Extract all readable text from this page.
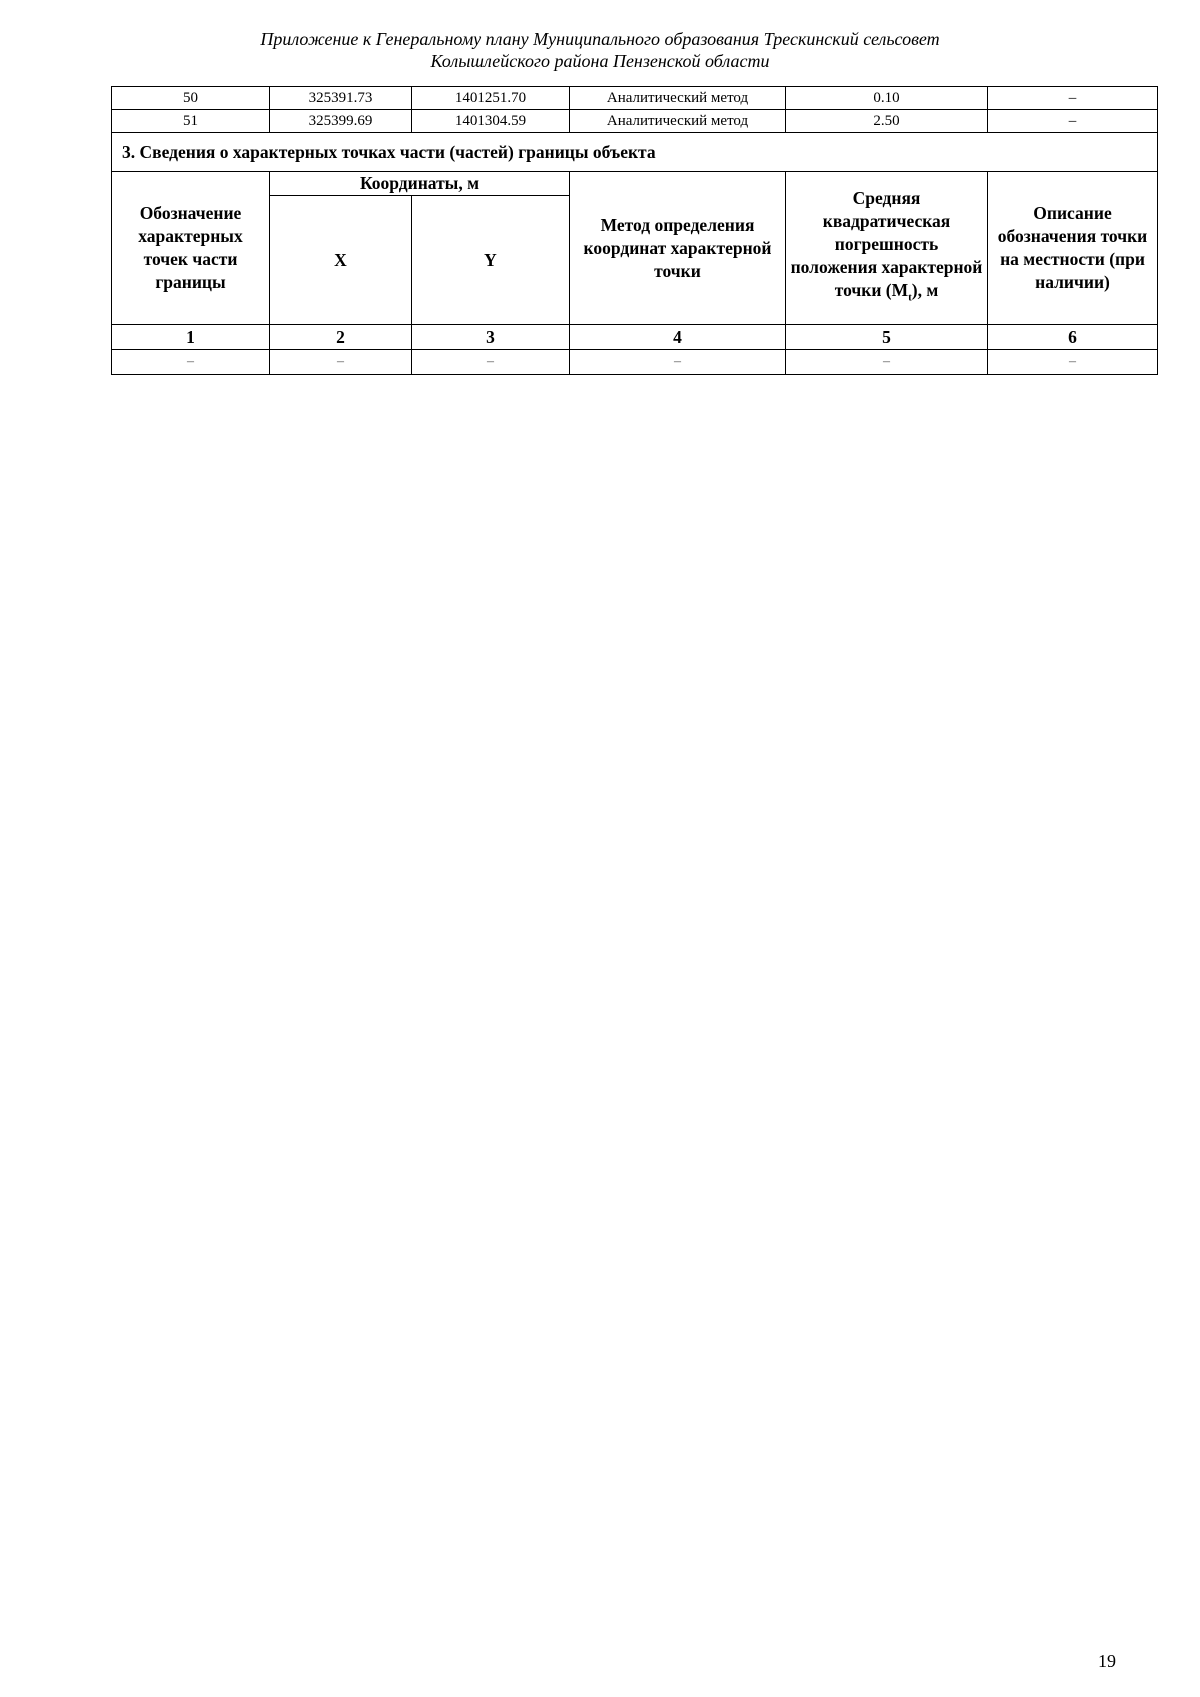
Приложение к Генеральному плану Муниципального образования Трескинский сельсовет
Колышлейского района Пензенской области
50	325391.73	1401251.70	Аналитический метод	0.10	–
51	325399.69	1401304.59	Аналитический метод	2.50	–
3. Сведения о характерных точках части (частей) границы объекта					
Обозначение характерных точек части границы	Координаты, м		Метод определения координат характерной точки	Средняя квадратическая погрешность положения характерной точки $(M_t)$, м	Описание обозначения точки на местности (при наличии)
	X	Y			
1	2	3	4	5	6
–	–	–	–	–	–
19
